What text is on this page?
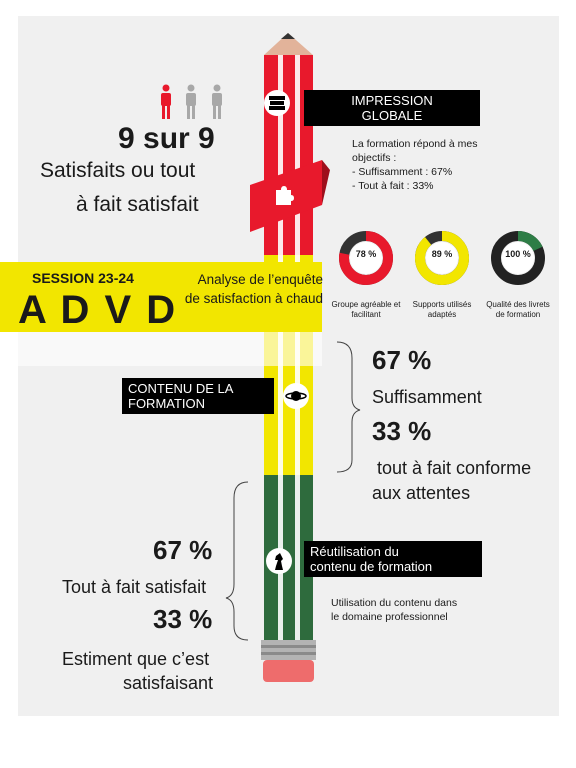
9 sur 9

Satisfaits ou tout

à fait satisfait

IMPRESSION
GLOBALE

La formation répond à mes

objectifs :

- Suffisamment : 67%

- Tout à fait : 33%

78 %	89 %	100 %
Groupe agréable et
facilitant
Supports utilisés
adaptés
Qualité des livrets
de formation

SESSION 23-24

A D V D

Analyse de l’enquête

de satisfaction à chaud

CONTENU DE LA
FORMATION

67 %

Suffisamment

33 %

tout à fait conforme

aux attentes

Réutilisation du
contenu de formation

Utilisation du contenu dans

le domaine professionnel

67 %

Tout à fait satisfait

33 %

Estiment que c’est

satisfaisant
